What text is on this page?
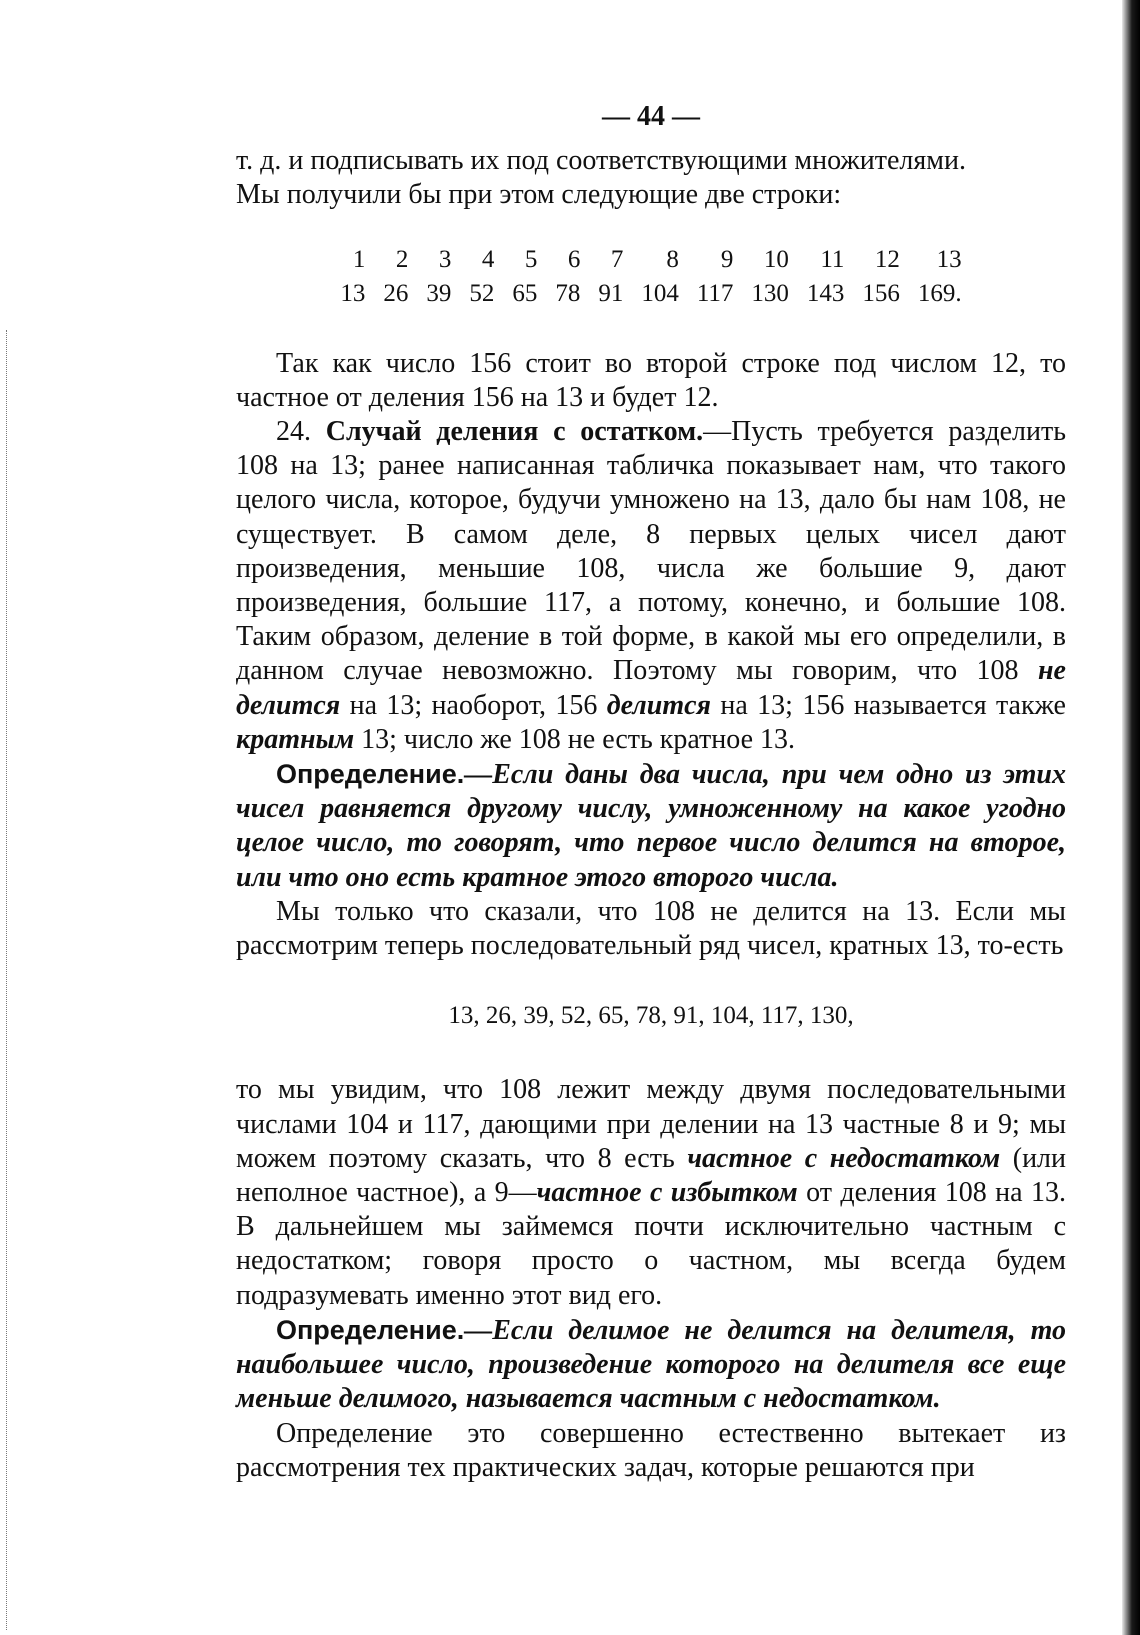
— 44 —

т. д. и подписывать их под соответствующими множителями.
Мы получили бы при этом следующие две строки:

1	2	3	4	5	6	7	8	9	10	11	12	13
13	26	39	52	65	78	91	104	117	130	143	156	169.

Так как число 156 стоит во второй строке под числом 12, то частное от деления 156 на 13 и будет 12.

24. Случай деления с остатком.—Пусть требуется разделить 108 на 13; ранее написанная табличка показывает нам, что такого целого числа, которое, будучи умножено на 13, дало бы нам 108, не существует. В самом деле, 8 первых целых чисел дают произведения, меньшие 108, числа же большие 9, дают произведения, большие 117, а потому, конечно, и большие 108. Таким образом, деление в той форме, в какой мы его определили, в данном случае невозможно. Поэтому мы говорим, что 108 не делится на 13; наоборот, 156 делится на 13; 156 называется также кратным 13; число же 108 не есть кратное 13.

Определение.—Если даны два числа, при чем одно из этих чисел равняется другому числу, умноженному на какое угодно целое число, то говорят, что первое число делится на второе, или что оно есть кратное этого второго числа.

Мы только что сказали, что 108 не делится на 13. Если мы рассмотрим теперь последовательный ряд чисел, кратных 13, то-есть

13, 26, 39, 52, 65, 78, 91, 104, 117, 130,

то мы увидим, что 108 лежит между двумя последовательными числами 104 и 117, дающими при делении на 13 частные 8 и 9; мы можем поэтому сказать, что 8 есть частное с недостатком (или неполное частное), а 9—частное с избытком от деления 108 на 13. В дальнейшем мы займемся почти исключительно частным с недостатком; говоря просто о частном, мы всегда будем подразумевать именно этот вид его.

Определение.—Если делимое не делится на делителя, то наибольшее число, произведение которого на делителя все еще меньше делимого, называется частным с недостатком.

Определение это совершенно естественно вытекает из рассмотрения тех практических задач, которые решаются при
